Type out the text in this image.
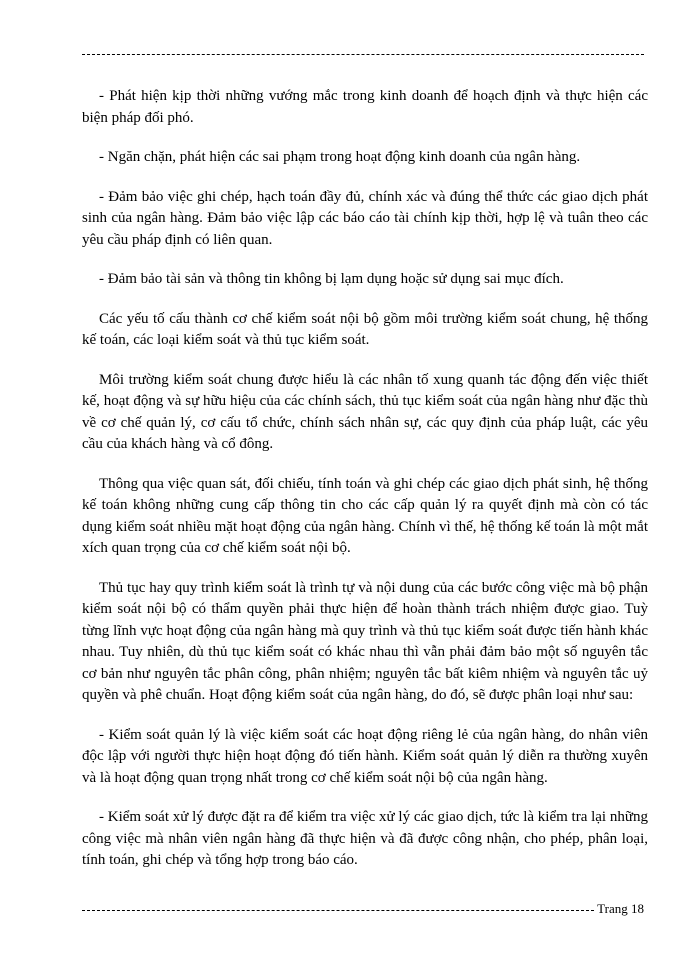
- Phát hiện kịp thời những vướng mắc trong kinh doanh để hoạch định và thực hiện các biện pháp đối phó.

- Ngăn chặn, phát hiện các sai phạm trong hoạt động kinh doanh của ngân hàng.

- Đảm bảo việc ghi chép, hạch toán đầy đủ, chính xác và đúng thể thức các giao dịch phát sinh của ngân hàng. Đảm bảo việc lập các báo cáo tài chính kịp thời, hợp lệ và tuân theo các yêu cầu pháp định có liên quan.

- Đảm bảo tài sản và thông tin không bị lạm dụng hoặc sử dụng sai mục đích.

Các yếu tố cấu thành cơ chế kiểm soát nội bộ gồm môi trường kiểm soát chung, hệ thống kế toán, các loại kiểm soát và thủ tục kiểm soát.

Môi trường kiểm soát chung được hiểu là các nhân tố xung quanh tác động đến việc thiết kế, hoạt động và sự hữu hiệu của các chính sách, thủ tục kiểm soát của ngân hàng như đặc thù về cơ chế quản lý, cơ cấu tổ chức, chính sách nhân sự, các quy định của pháp luật, các yêu cầu của khách hàng và cổ đông.

Thông qua việc quan sát, đối chiếu, tính toán và ghi chép các giao dịch phát sinh, hệ thống kế toán không những cung cấp thông tin cho các cấp quản lý ra quyết định mà còn có tác dụng kiểm soát nhiều mặt hoạt động của ngân hàng. Chính vì thế, hệ thống kế toán là một mắt xích quan trọng của cơ chế kiểm soát nội bộ.

Thủ tục hay quy trình kiểm soát là trình tự và nội dung của các bước công việc mà bộ phận kiểm soát nội bộ có thẩm quyền phải thực hiện để hoàn thành trách nhiệm được giao. Tuỳ từng lĩnh vực hoạt động của ngân hàng mà quy trình và thủ tục kiểm soát được tiến hành khác nhau. Tuy nhiên, dù thủ tục kiểm soát có khác nhau thì vẫn phải đảm bảo một số nguyên tắc cơ bản như nguyên tắc phân công, phân nhiệm; nguyên tắc bất kiêm nhiệm và nguyên tắc uỷ quyền và phê chuẩn. Hoạt động kiểm soát của ngân hàng, do đó, sẽ được phân loại như sau:

- Kiểm soát quản lý là việc kiểm soát các hoạt động riêng lẻ của ngân hàng, do nhân viên độc lập với người thực hiện hoạt động đó tiến hành. Kiểm soát quản lý diễn ra thường xuyên và là hoạt động quan trọng nhất trong cơ chế kiểm soát nội bộ của ngân hàng.

- Kiểm soát xử lý được đặt ra để kiểm tra việc xử lý các giao dịch, tức là kiểm tra lại những công việc mà nhân viên ngân hàng đã thực hiện và đã được công nhận, cho phép, phân loại, tính toán, ghi chép và tổng hợp trong báo cáo.

Trang 18
